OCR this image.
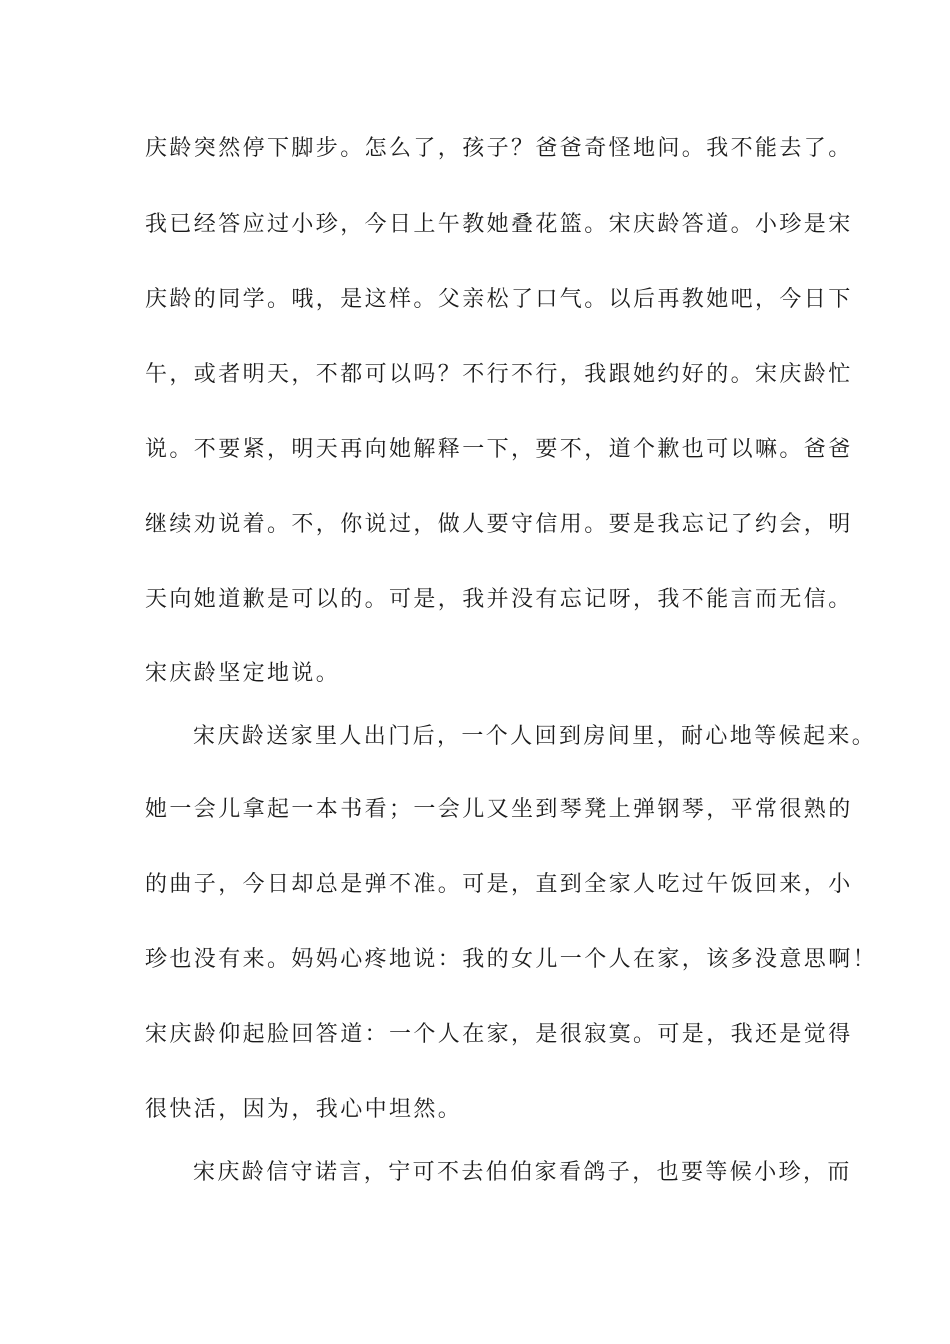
庆龄突然停下脚步。怎么了，孩子？爸爸奇怪地问。我不能去了。
我已经答应过小珍，今日上午教她叠花篮。宋庆龄答道。小珍是宋
庆龄的同学。哦，是这样。父亲松了口气。以后再教她吧，今日下
午，或者明天，不都可以吗？不行不行，我跟她约好的。宋庆龄忙
说。不要紧，明天再向她解释一下，要不，道个歉也可以嘛。爸爸
继续劝说着。不，你说过，做人要守信用。要是我忘记了约会，明
天向她道歉是可以的。可是，我并没有忘记呀，我不能言而无信。
宋庆龄坚定地说。
宋庆龄送家里人出门后，一个人回到房间里，耐心地等候起来。
她一会儿拿起一本书看；一会儿又坐到琴凳上弹钢琴，平常很熟的
的曲子，今日却总是弹不准。可是，直到全家人吃过午饭回来，小
珍也没有来。妈妈心疼地说：我的女儿一个人在家，该多没意思啊！
宋庆龄仰起脸回答道：一个人在家，是很寂寞。可是，我还是觉得
很快活，因为，我心中坦然。
宋庆龄信守诺言，宁可不去伯伯家看鸽子，也要等候小珍，而
